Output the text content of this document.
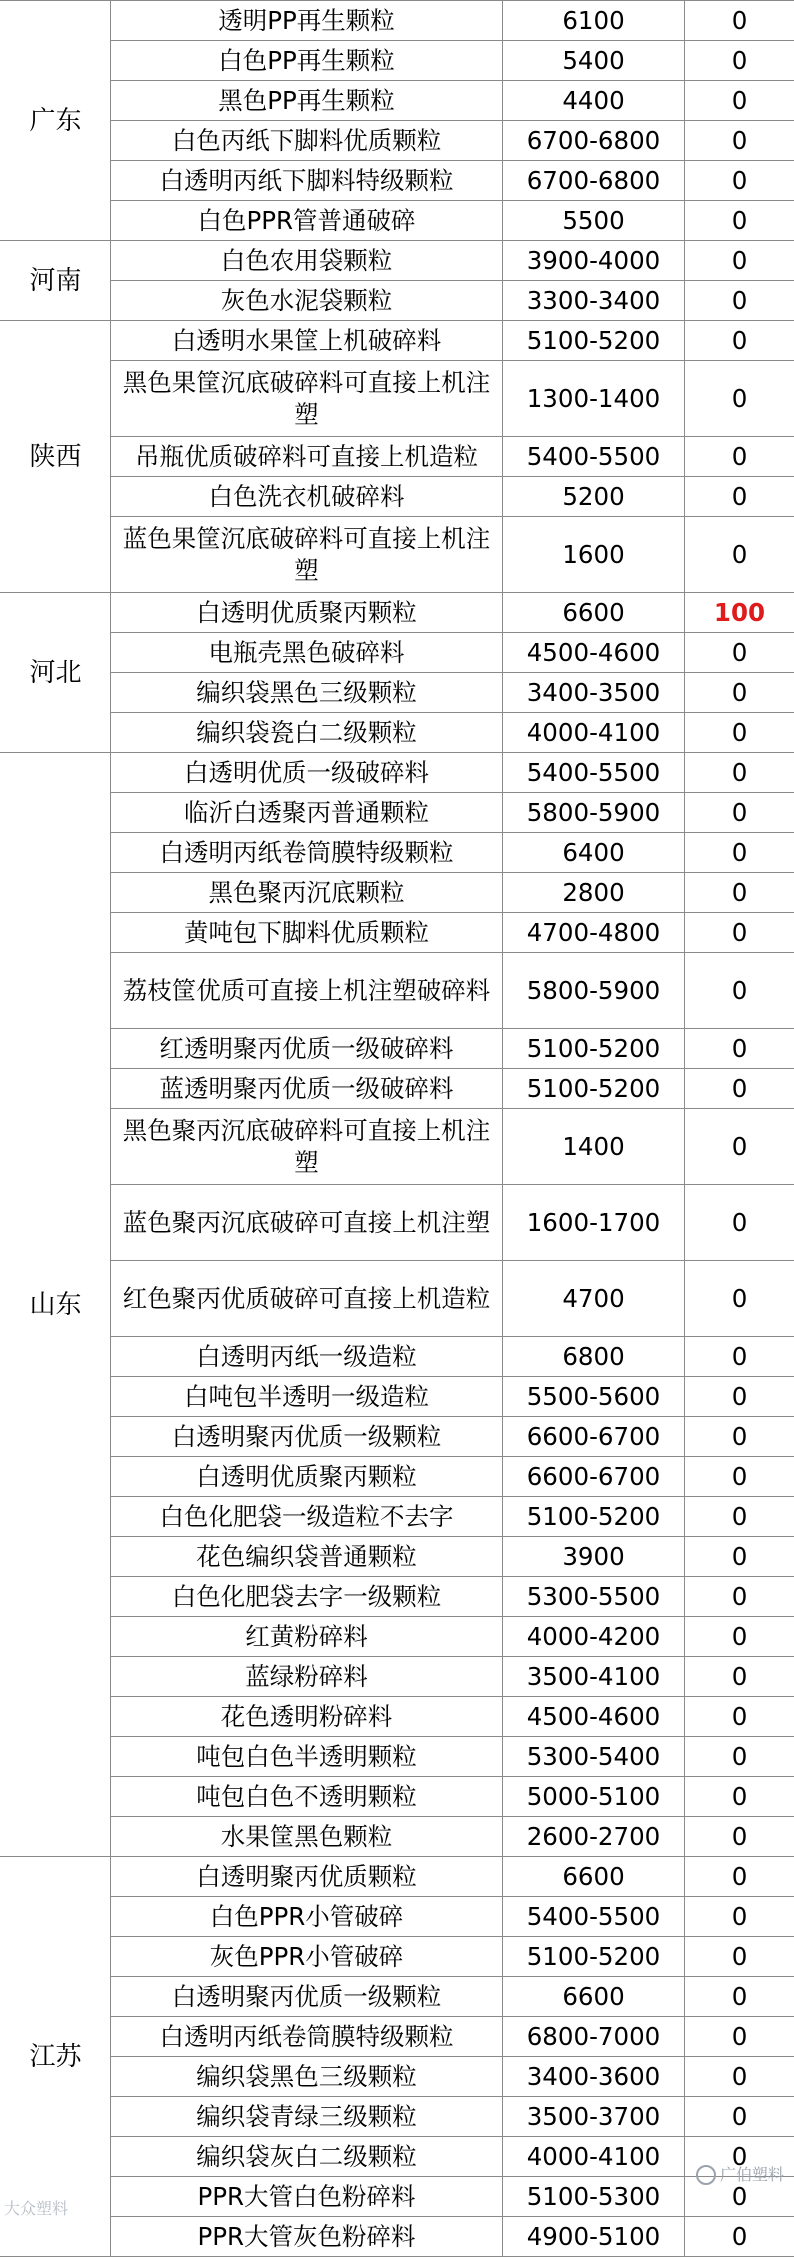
广东	透明PP再生颗粒	6100	0
	白色PP再生颗粒	5400	0
	黑色PP再生颗粒	4400	0
	白色丙纸下脚料优质颗粒	6700-6800	0
	白透明丙纸下脚料特级颗粒	6700-6800	0
	白色PPR管普通破碎	5500	0
河南	白色农用袋颗粒	3900-4000	0
	灰色水泥袋颗粒	3300-3400	0
陕西	白透明水果筐上机破碎料	5100-5200	0
	黑色果筐沉底破碎料可直接上机注塑	1300-1400	0
	吊瓶优质破碎料可直接上机造粒	5400-5500	0
	白色洗衣机破碎料	5200	0
	蓝色果筐沉底破碎料可直接上机注塑	1600	0
河北	白透明优质聚丙颗粒	6600	100
	电瓶壳黑色破碎料	4500-4600	0
	编织袋黑色三级颗粒	3400-3500	0
	编织袋瓷白二级颗粒	4000-4100	0
山东	白透明优质一级破碎料	5400-5500	0
	临沂白透聚丙普通颗粒	5800-5900	0
	白透明丙纸卷筒膜特级颗粒	6400	0
	黑色聚丙沉底颗粒	2800	0
	黄吨包下脚料优质颗粒	4700-4800	0
	荔枝筐优质可直接上机注塑破碎料	5800-5900	0
	红透明聚丙优质一级破碎料	5100-5200	0
	蓝透明聚丙优质一级破碎料	5100-5200	0
	黑色聚丙沉底破碎料可直接上机注塑	1400	0
	蓝色聚丙沉底破碎可直接上机注塑	1600-1700	0
	红色聚丙优质破碎可直接上机造粒	4700	0
	白透明丙纸一级造粒	6800	0
	白吨包半透明一级造粒	5500-5600	0
	白透明聚丙优质一级颗粒	6600-6700	0
	白透明优质聚丙颗粒	6600-6700	0
	白色化肥袋一级造粒不去字	5100-5200	0
	花色编织袋普通颗粒	3900	0
	白色化肥袋去字一级颗粒	5300-5500	0
	红黄粉碎料	4000-4200	0
	蓝绿粉碎料	3500-4100	0
	花色透明粉碎料	4500-4600	0
	吨包白色半透明颗粒	5300-5400	0
	吨包白色不透明颗粒	5000-5100	0
	水果筐黑色颗粒	2600-2700	0
江苏	白透明聚丙优质颗粒	6600	0
	白色PPR小管破碎	5400-5500	0
	灰色PPR小管破碎	5100-5200	0
	白透明聚丙优质一级颗粒	6600	0
	白透明丙纸卷筒膜特级颗粒	6800-7000	0
	编织袋黑色三级颗粒	3400-3600	0
	编织袋青绿三级颗粒	3500-3700	0
	编织袋灰白二级颗粒	4000-4100	0
	PPR大管白色粉碎料	5100-5300	0
	PPR大管灰色粉碎料	4900-5100	0
广伯塑料
大众塑料
